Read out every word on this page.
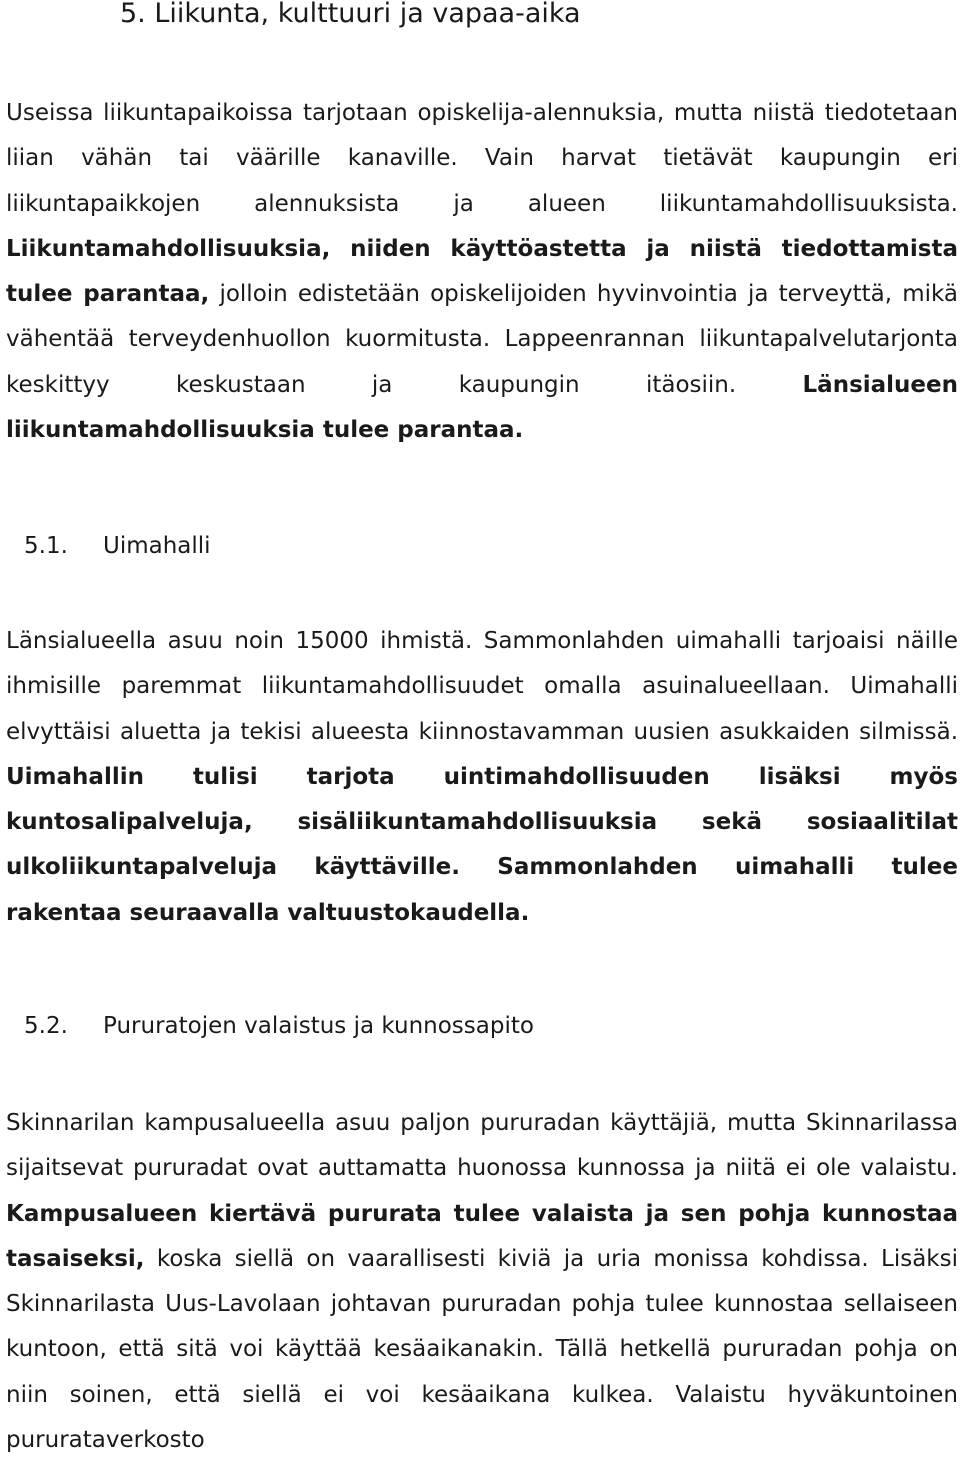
5. Liikunta, kulttuuri ja vapaa-aika

Useissa liikuntapaikoissa tarjotaan opiskelija-alennuksia, mutta niistä tiedotetaan liian vähän tai väärille kanaville. Vain harvat tietävät kaupungin eri liikuntapaikkojen alennuksista ja alueen liikuntamahdollisuuksista. Liikuntamahdollisuuksia, niiden käyttöastetta ja niistä tiedottamista tulee parantaa, jolloin edistetään opiskelijoiden hyvinvointia ja terveyttä, mikä vähentää terveydenhuollon kuormitusta. Lappeenrannan liikuntapalvelutarjonta keskittyy keskustaan ja kaupungin itäosiin. Länsialueen liikuntamahdollisuuksia tulee parantaa.

5.1. Uimahalli

Länsialueella asuu noin 15000 ihmistä. Sammonlahden uimahalli tarjoaisi näille ihmisille paremmat liikuntamahdollisuudet omalla asuinalueellaan. Uimahalli elvyttäisi aluetta ja tekisi alueesta kiinnostavamman uusien asukkaiden silmissä. Uimahallin tulisi tarjota uintimahdollisuuden lisäksi myös kuntosalipalveluja, sisäliikuntamahdollisuuksia sekä sosiaalitilat ulkoliikuntapalveluja käyttäville. Sammonlahden uimahalli tulee rakentaa seuraavalla valtuustokaudella.

5.2. Pururatojen valaistus ja kunnossapito

Skinnarilan kampusalueella asuu paljon pururadan käyttäjiä, mutta Skinnarilassa sijaitsevat pururadat ovat auttamatta huonossa kunnossa ja niitä ei ole valaistu. Kampusalueen kiertävä pururata tulee valaista ja sen pohja kunnostaa tasaiseksi, koska siellä on vaarallisesti kiviä ja uria monissa kohdissa. Lisäksi Skinnarilasta Uus-Lavolaan johtavan pururadan pohja tulee kunnostaa sellaiseen kuntoon, että sitä voi käyttää kesäaikanakin. Tällä hetkellä pururadan pohja on niin soinen, että siellä ei voi kesäaikana kulkea. Valaistu hyväkuntoinen pururataverkosto
